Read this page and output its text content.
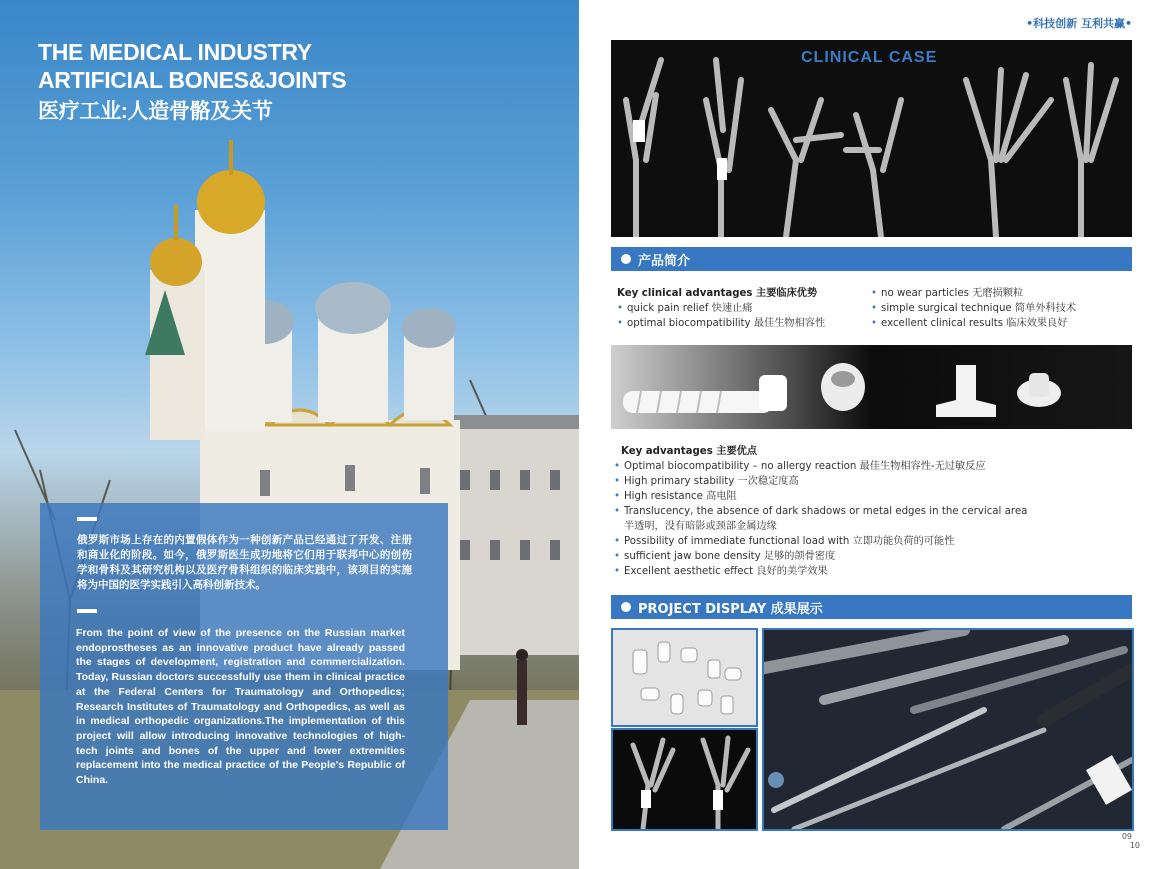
THE MEDICAL INDUSTRY
ARTIFICIAL BONES&JOINTS
医疗工业:人造骨骼及关节
俄罗斯市场上存在的内置假体作为一种创新产品已经通过了开发、注册和商业化的阶段。如今，俄罗斯医生成功地将它们用于联邦中心的创伤学和骨科及其研究机构以及医疗骨科组织的临床实践中，该项目的实施将为中国的医学实践引入高科创新技术。
From the point of view of the presence on the Russian market endoprostheses as an innovative product have already passed the stages of development, registration and commercialization. Today, Russian doctors successfully use them in clinical practice at the Federal Centers for Traumatology and Orthopedics; Research Institutes of Traumatology and Orthopedics, as well as in medical orthopedic organizations.The implementation of this project will allow introducing innovative technologies of high-tech joints and bones of the upper and lower extremities replacement into the medical practice of the People's Republic of China.
•科技创新 互利共赢•
CLINICAL CASE
产品简介
Key clinical advantages 主要临床优势
• quick pain relief 快速止痛
• optimal biocompatibility 最佳生物相容性
• no wear particles 无磨损颗粒
• simple surgical technique 简单外科技术
• excellent clinical results 临床效果良好
Key advantages 主要优点
• Optimal biocompatibility – no allergy reaction 最佳生物相容性-无过敏反应
• High primary stability 一次稳定度高
• High resistance 高电阻
• Translucency, the absence of dark shadows or metal edges in the cervical area
半透明，没有暗影或颈部金属边缘
• Possibility of immediate functional load with 立即功能负荷的可能性
• sufficient jaw bone density 足够的颌骨密度
• Excellent aesthetic effect 良好的美学效果
PROJECT DISPLAY 成果展示
09
10
